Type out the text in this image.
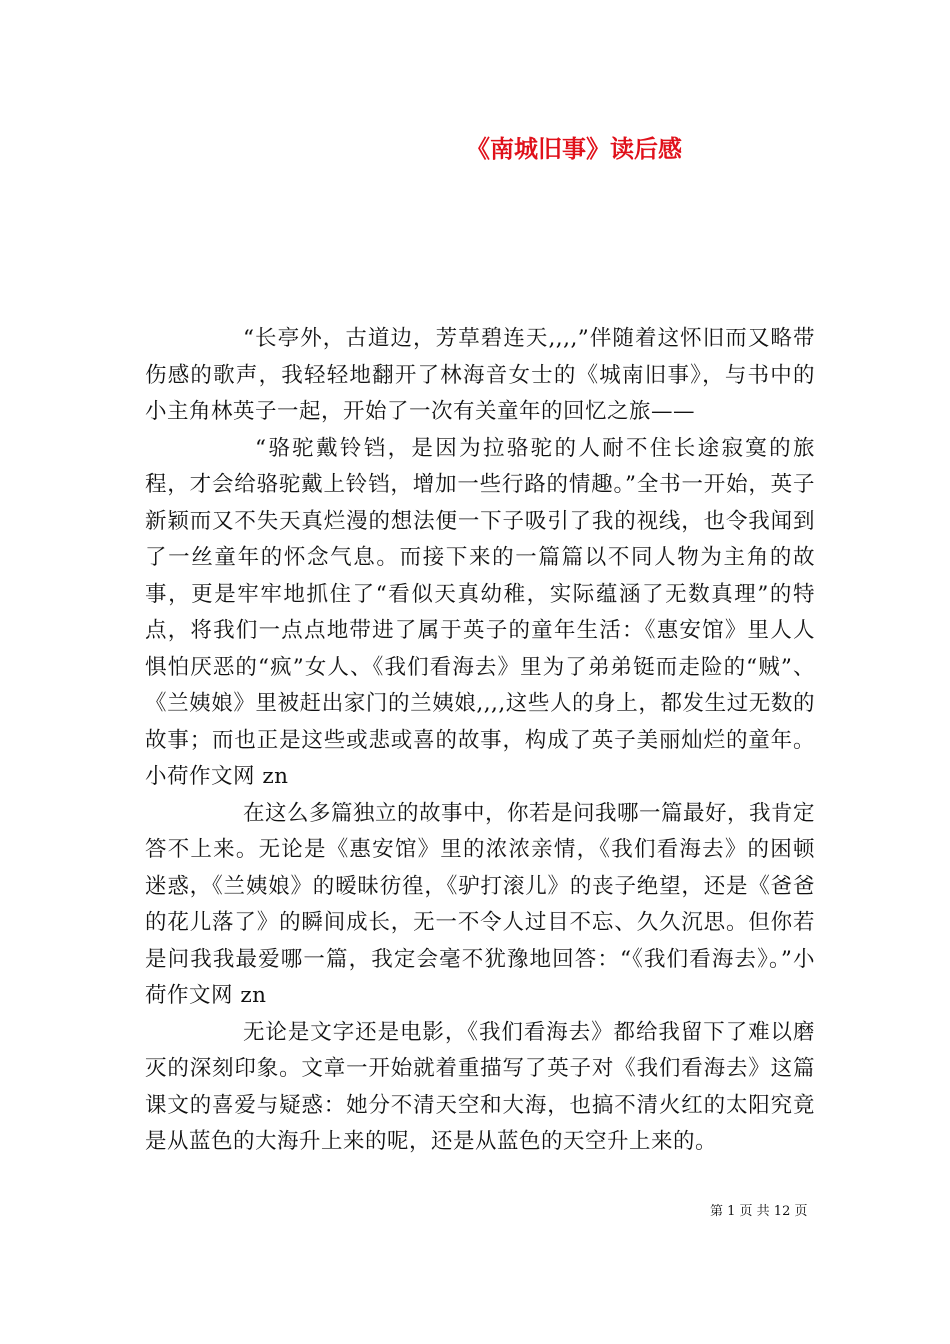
《南城旧事》读后感

“长亭外，古道边，芳草碧连天,,,,”伴随着这怀旧而又略带伤感的歌声，我轻轻地翻开了林海音女士的《城南旧事》，与书中的小主角林英子一起，开始了一次有关童年的回忆之旅——

“骆驼戴铃铛，是因为拉骆驼的人耐不住长途寂寞的旅程，才会给骆驼戴上铃铛，增加一些行路的情趣。”全书一开始，英子新颖而又不失天真烂漫的想法便一下子吸引了我的视线，也令我闻到了一丝童年的怀念气息。而接下来的一篇篇以不同人物为主角的故事，更是牢牢地抓住了“看似天真幼稚，实际蕴涵了无数真理”的特点，将我们一点点地带进了属于英子的童年生活：《惠安馆》里人人惧怕厌恶的“疯”女人、《我们看海去》里为了弟弟铤而走险的“贼”、《兰姨娘》里被赶出家门的兰姨娘,,,,这些人的身上，都发生过无数的故事；而也正是这些或悲或喜的故事，构成了英子美丽灿烂的童年。小荷作文网 zn

在这么多篇独立的故事中，你若是问我哪一篇最好，我肯定答不上来。无论是《惠安馆》里的浓浓亲情，《我们看海去》的困顿迷惑，《兰姨娘》的暧昧彷徨，《驴打滚儿》的丧子绝望，还是《爸爸的花儿落了》的瞬间成长，无一不令人过目不忘、久久沉思。但你若是问我我最爱哪一篇，我定会毫不犹豫地回答：“《我们看海去》。”小荷作文网 zn

无论是文字还是电影，《我们看海去》都给我留下了难以磨灭的深刻印象。文章一开始就着重描写了英子对《我们看海去》这篇课文的喜爱与疑惑：她分不清天空和大海，也搞不清火红的太阳究竟是从蓝色的大海升上来的呢，还是从蓝色的天空升上来的。

第 1 页 共 12 页
